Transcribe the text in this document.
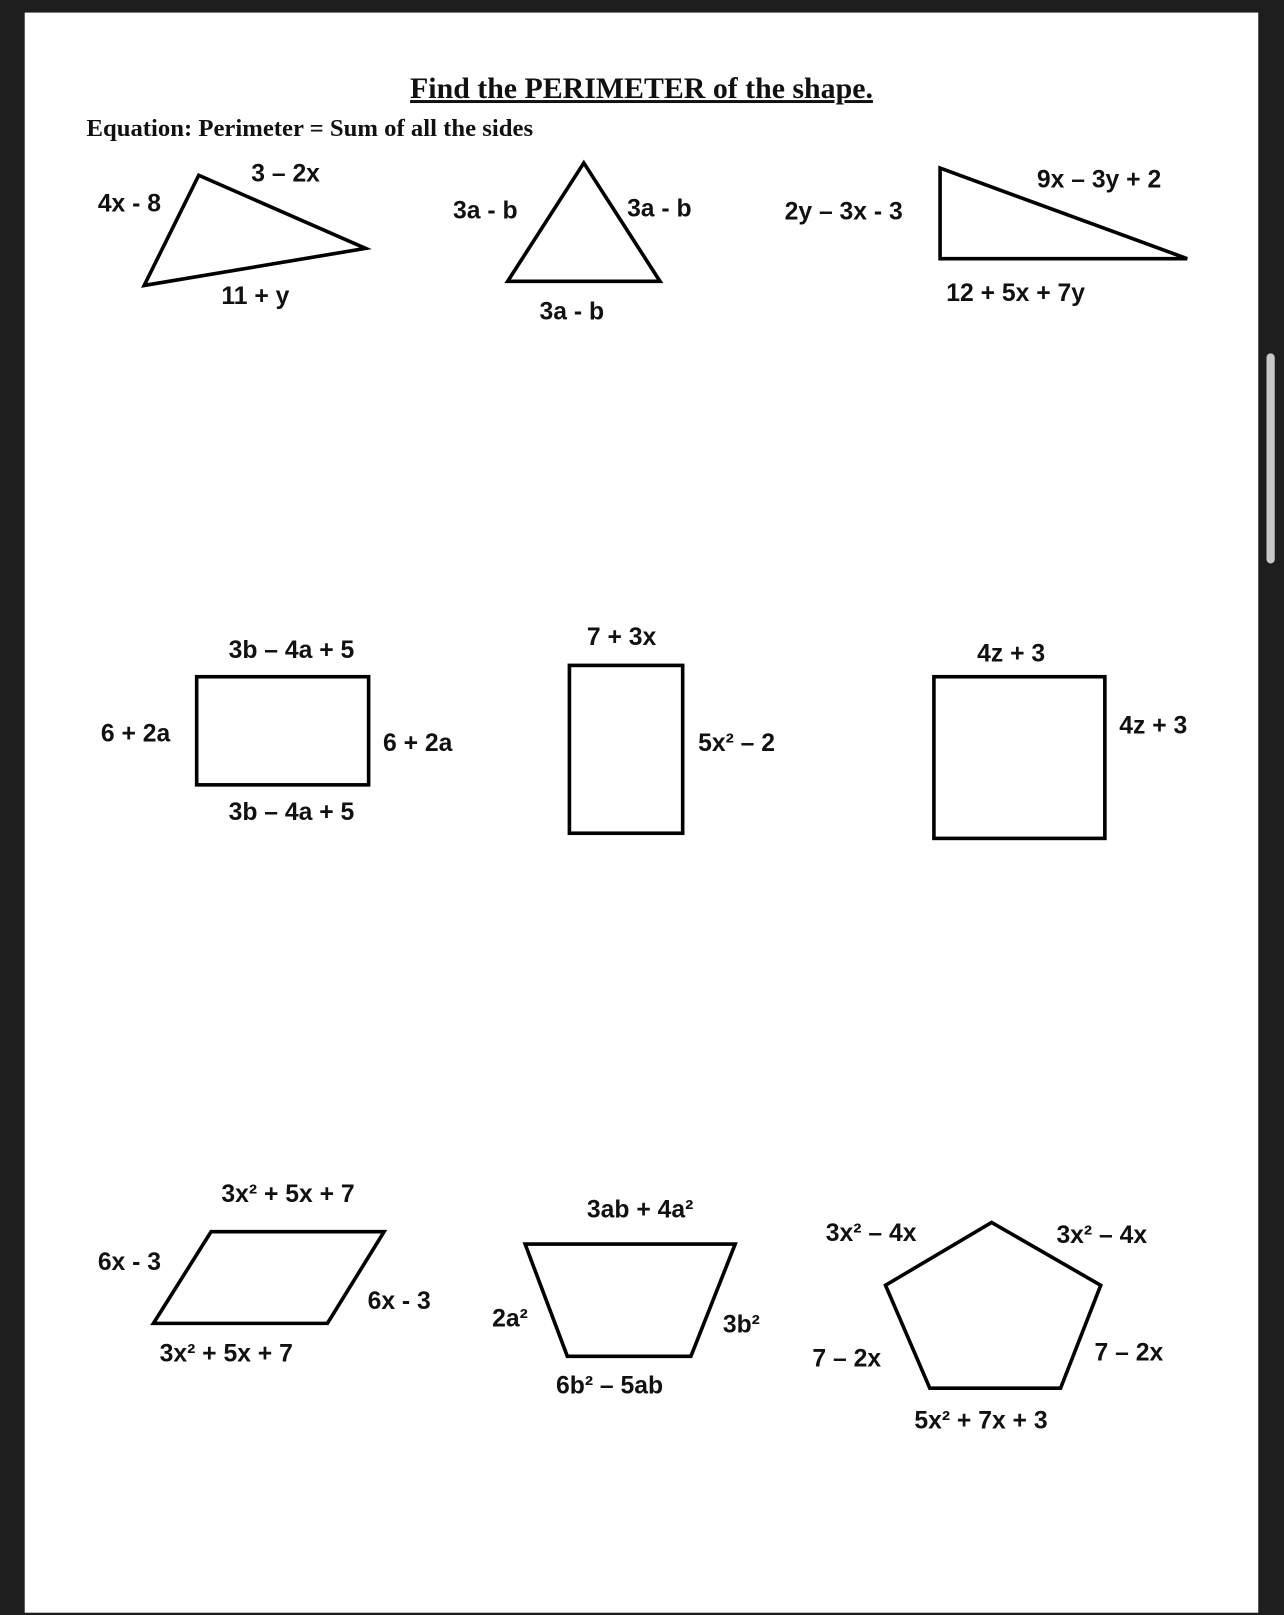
Find the PERIMETER of the shape.
Equation: Perimeter = Sum of all the sides
3 – 2x
4x - 8
11 + y
3a - b	3a - b
3a - b
2y – 3x - 3
9x – 3y + 2
12 + 5x + 7y
3b – 4a + 5
6 + 2a	6 + 2a
3b – 4a + 5
7 + 3x
5x² – 2
4z + 3
4z + 3
3x² + 5x + 7
6x - 3
6x - 3
3x² + 5x + 7
3ab + 4a²
2a²	3b²
6b² – 5ab
3x² – 4x	3x² – 4x
7 – 2x	7 – 2x
5x² + 7x + 3
